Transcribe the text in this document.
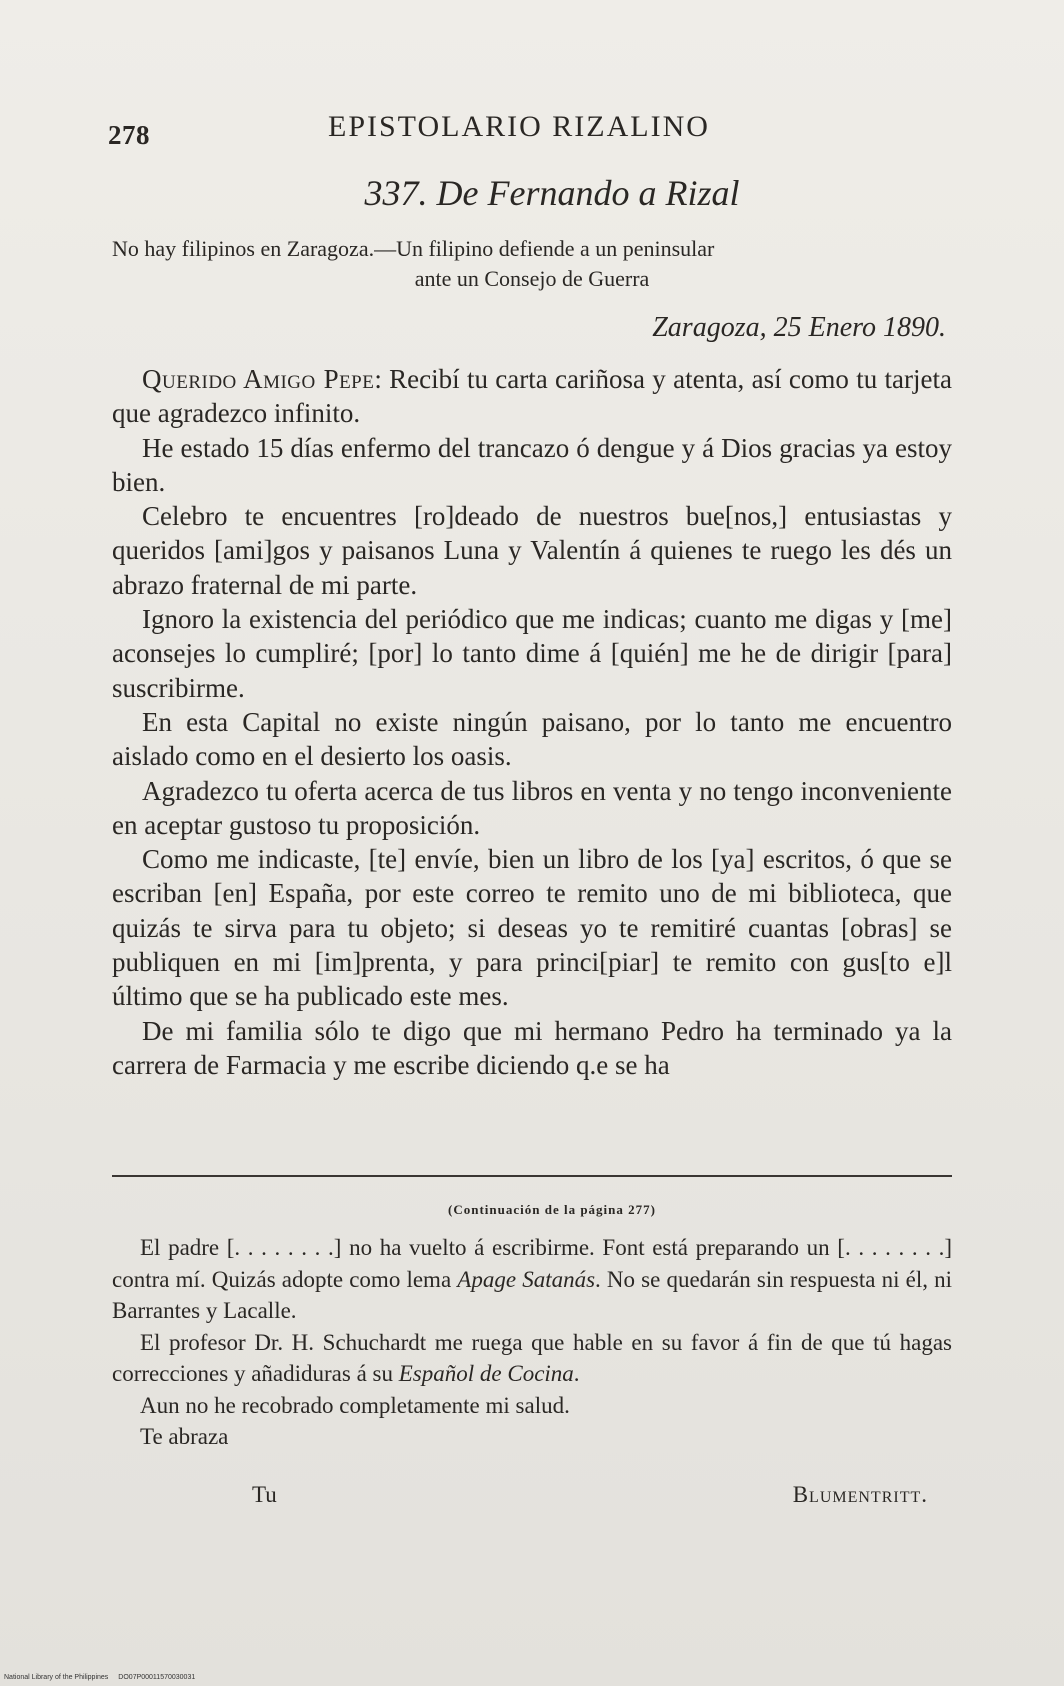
278	EPISTOLARIO RIZALINO
337. De Fernando a Rizal
No hay filipinos en Zaragoza.—Un filipino defiende a un peninsular
ante un Consejo de Guerra
Zaragoza, 25 Enero 1890.

Querido Amigo Pepe: Recibí tu carta cariñosa y atenta, así como tu tarjeta que agradezco infinito.

He estado 15 días enfermo del trancazo ó dengue y á Dios gracias ya estoy bien.

Celebro te encuentres [ro]deado de nuestros bue[nos,] entusiastas y queridos [ami]gos y paisanos Luna y Valentín á quienes te ruego les dés un abrazo fraternal de mi parte.

Ignoro la existencia del periódico que me indicas; cuanto me digas y [me] aconsejes lo cumpliré; [por] lo tanto dime á [quién] me he de dirigir [para] suscribirme.

En esta Capital no existe ningún paisano, por lo tanto me encuentro aislado como en el desierto los oasis.

Agradezco tu oferta acerca de tus libros en venta y no tengo inconveniente en aceptar gustoso tu proposición.

Como me indicaste, [te] envíe, bien un libro de los [ya] escritos, ó que se escriban [en] España, por este correo te remito uno de mi biblioteca, que quizás te sirva para tu objeto; si deseas yo te remitiré cuantas [obras] se publiquen en mi [im]prenta, y para princi[piar] te remito con gus[to e]l último que se ha publicado este mes.

De mi familia sólo te digo que mi hermano Pedro ha terminado ya la carrera de Farmacia y me escribe diciendo q.e se ha

(Continuación de la página 277)

El padre [. . . . . . . .] no ha vuelto á escribirme. Font está preparando un [. . . . . . . .] contra mí. Quizás adopte como lema Apage Satanás. No se quedarán sin respuesta ni él, ni Barrantes y Lacalle.

El profesor Dr. H. Schuchardt me ruega que hable en su favor á fin de que tú hagas correcciones y añadiduras á su Español de Cocina.

Aun no he recobrado completamente mi salud.

Te abraza

Tu	Blumentritt.
National Library of the Philippines DO07P00011570030031
